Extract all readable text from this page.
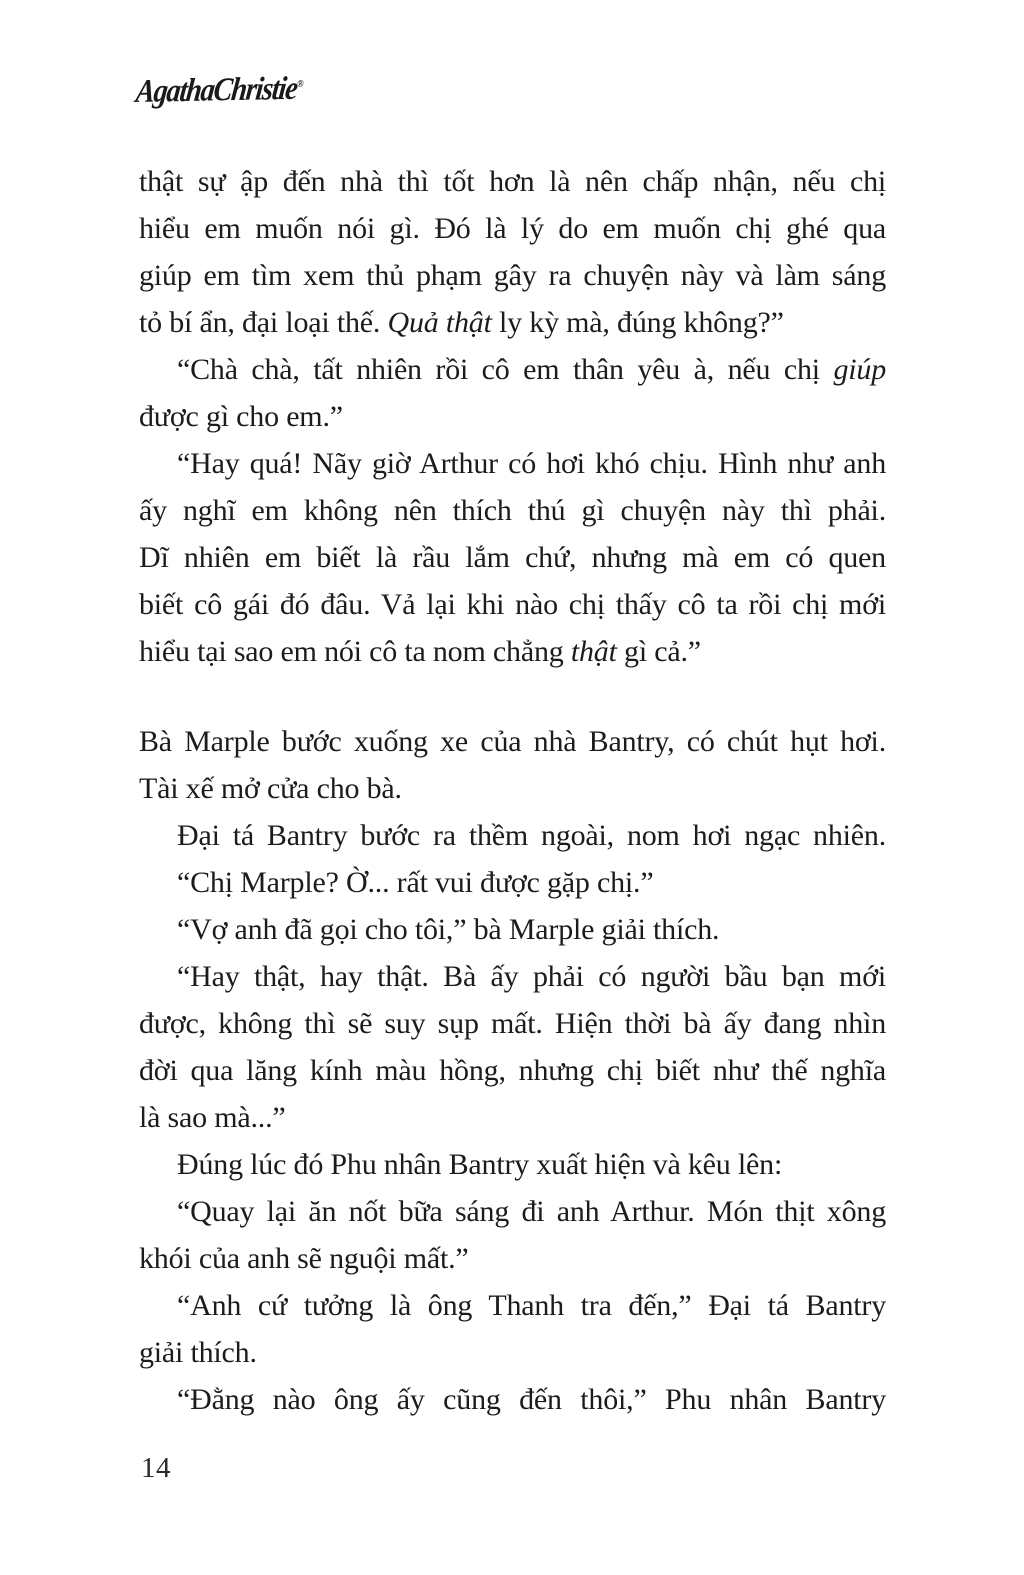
AgathaChristie®
thật sự ập đến nhà thì tốt hơn là nên chấp nhận, nếu chị
hiểu em muốn nói gì. Đó là lý do em muốn chị ghé qua
giúp em tìm xem thủ phạm gây ra chuyện này và làm sáng
tỏ bí ẩn, đại loại thế. Quả thật ly kỳ mà, đúng không?”
“Chà chà, tất nhiên rồi cô em thân yêu à, nếu chị giúp
được gì cho em.”
“Hay quá! Nãy giờ Arthur có hơi khó chịu. Hình như anh
ấy nghĩ em không nên thích thú gì chuyện này thì phải.
Dĩ nhiên em biết là rầu lắm chứ, nhưng mà em có quen
biết cô gái đó đâu. Vả lại khi nào chị thấy cô ta rồi chị mới
hiểu tại sao em nói cô ta nom chẳng thật gì cả.”
Bà Marple bước xuống xe của nhà Bantry, có chút hụt hơi.
Tài xế mở cửa cho bà.
Đại tá Bantry bước ra thềm ngoài, nom hơi ngạc nhiên.
“Chị Marple? Ờ... rất vui được gặp chị.”
“Vợ anh đã gọi cho tôi,” bà Marple giải thích.
“Hay thật, hay thật. Bà ấy phải có người bầu bạn mới
được, không thì sẽ suy sụp mất. Hiện thời bà ấy đang nhìn
đời qua lăng kính màu hồng, nhưng chị biết như thế nghĩa
là sao mà...”
Đúng lúc đó Phu nhân Bantry xuất hiện và kêu lên:
“Quay lại ăn nốt bữa sáng đi anh Arthur. Món thịt xông
khói của anh sẽ nguội mất.”
“Anh cứ tưởng là ông Thanh tra đến,” Đại tá Bantry
giải thích.
“Đằng nào ông ấy cũng đến thôi,” Phu nhân Bantry
14
